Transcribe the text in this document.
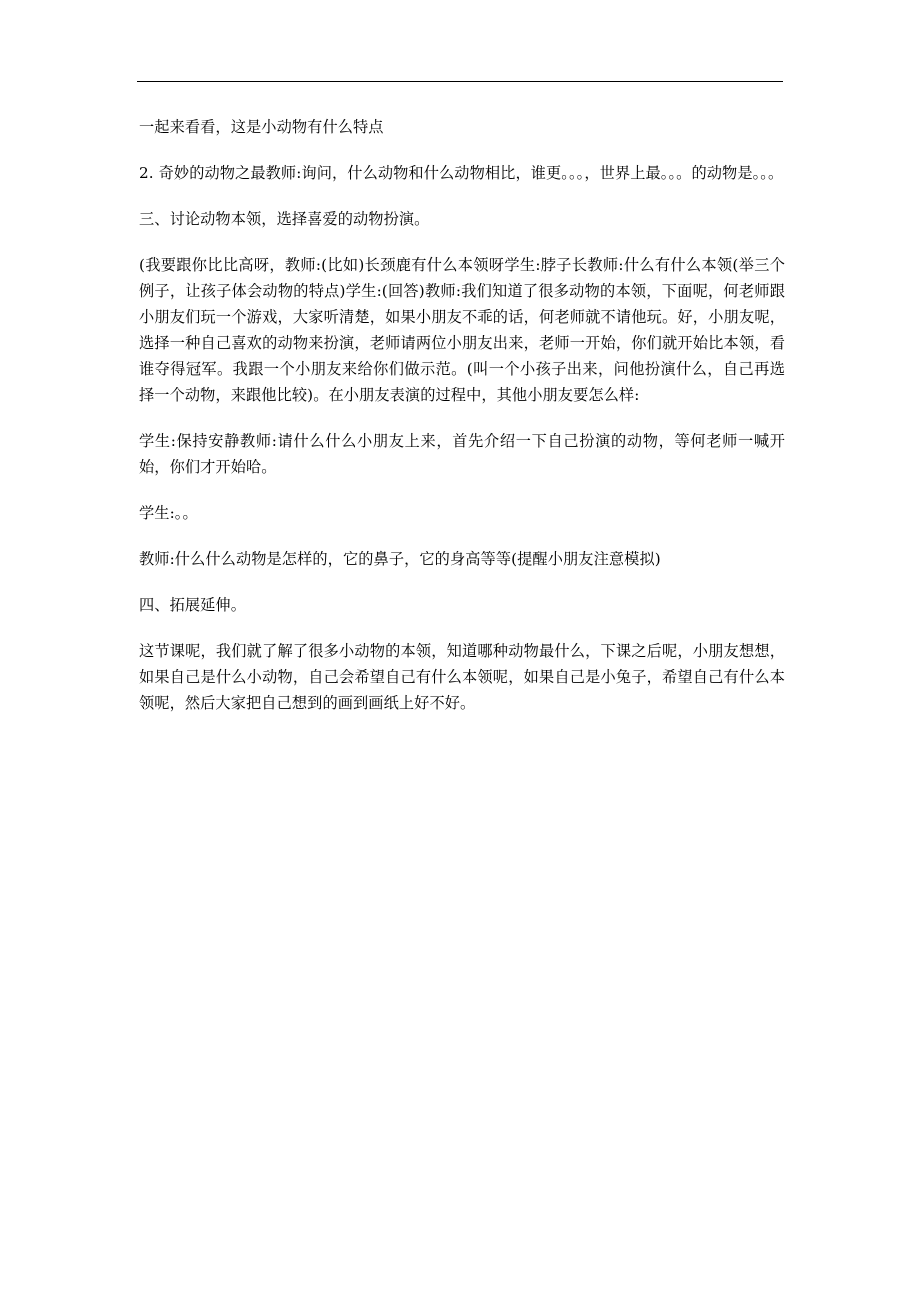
一起来看看，这是小动物有什么特点

2. 奇妙的动物之最教师:询问，什么动物和什么动物相比，谁更。。。，世界上最。。。的动物是。。。

三、讨论动物本领，选择喜爱的动物扮演。

(我要跟你比比高呀，教师:(比如)长颈鹿有什么本领呀学生:脖子长教师:什么有什么本领(举三个例子，让孩子体会动物的特点)学生:(回答)教师:我们知道了很多动物的本领，下面呢，何老师跟小朋友们玩一个游戏，大家听清楚，如果小朋友不乖的话，何老师就不请他玩。好，小朋友呢，选择一种自己喜欢的动物来扮演，老师请两位小朋友出来，老师一开始，你们就开始比本领，看谁夺得冠军。我跟一个小朋友来给你们做示范。(叫一个小孩子出来，问他扮演什么，自己再选择一个动物，来跟他比较)。在小朋友表演的过程中，其他小朋友要怎么样:

学生:保持安静教师:请什么什么小朋友上来，首先介绍一下自己扮演的动物，等何老师一喊开始，你们才开始哈。

学生:。。

教师:什么什么动物是怎样的，它的鼻子，它的身高等等(提醒小朋友注意模拟)

四、拓展延伸。

这节课呢，我们就了解了很多小动物的本领，知道哪种动物最什么，下课之后呢，小朋友想想，如果自己是什么小动物，自己会希望自己有什么本领呢，如果自己是小兔子，希望自己有什么本领呢，然后大家把自己想到的画到画纸上好不好。
